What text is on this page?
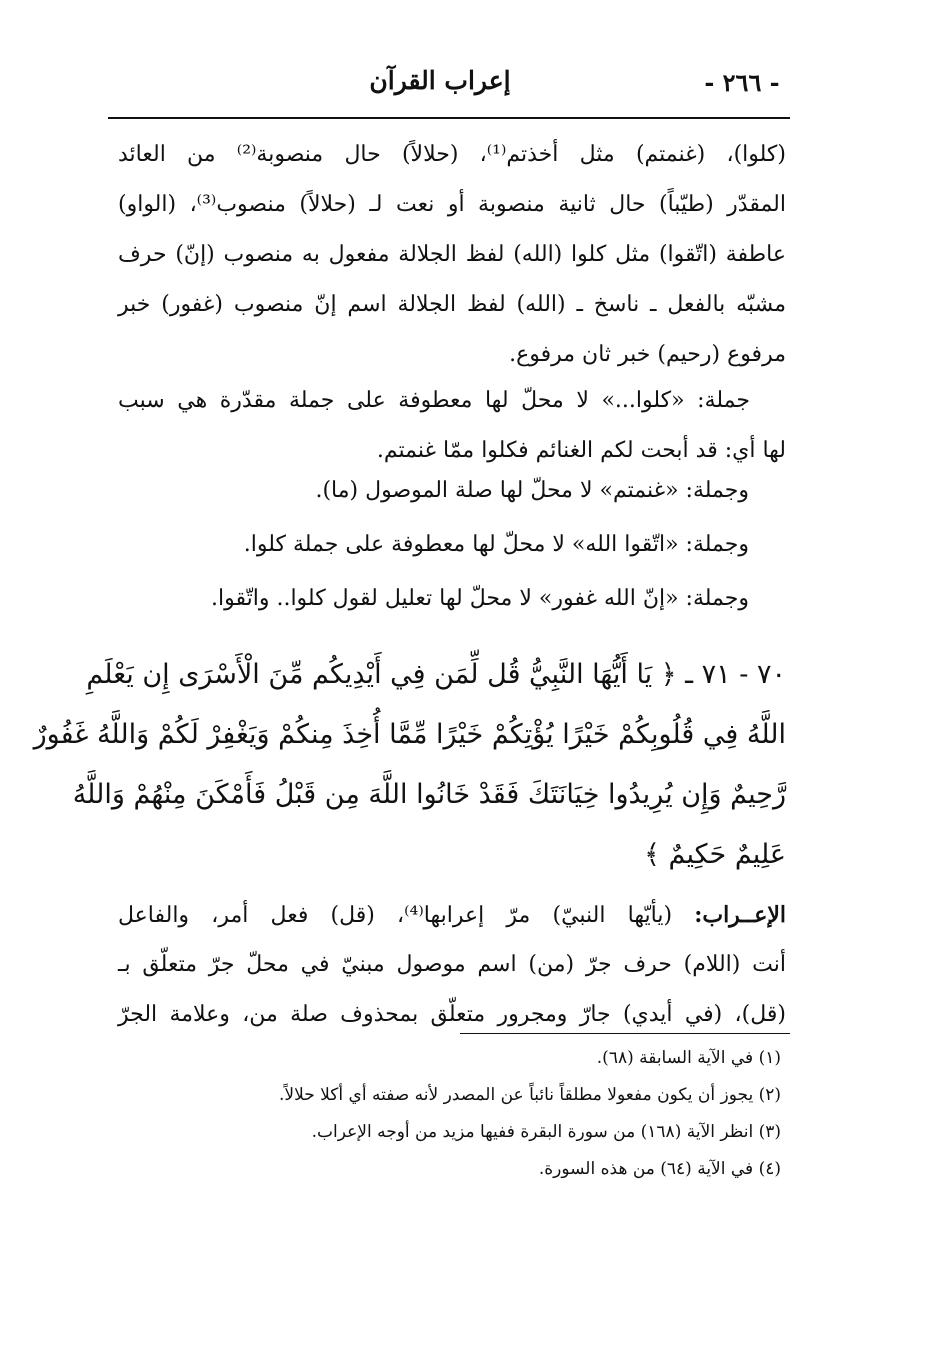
- ٢٦٦ -
إعراب القرآن
(كلوا)، (غنمتم) مثل أخذتم⁽¹⁾، (حلالاً) حال منصوبة⁽²⁾ من العائد
المقدّر (طيّباً) حال ثانية منصوبة أو نعت لـ (حلالاً) منصوب⁽³⁾، (الواو)
عاطفة (اتّقوا) مثل كلوا (الله) لفظ الجلالة مفعول به منصوب (إنّ) حرف
مشبّه بالفعل ـ ناسخ ـ (الله) لفظ الجلالة اسم إنّ منصوب (غفور) خبر
مرفوع (رحيم) خبر ثان مرفوع.
جملة: «كلوا...» لا محلّ لها معطوفة على جملة مقدّرة هي سبب
لها أي: قد أبحت لكم الغنائم فكلوا ممّا غنمتم.
وجملة: «غنمتم» لا محلّ لها صلة الموصول (ما).
وجملة: «اتّقوا الله» لا محلّ لها معطوفة على جملة كلوا.
وجملة: «إنّ الله غفور» لا محلّ لها تعليل لقول كلوا.. واتّقوا.
٧٠ - ٧١ ـ ﴿ يَا أَيُّهَا النَّبِيُّ قُل لِّمَن فِي أَيْدِيكُم مِّنَ الْأَسْرَى إِن يَعْلَمِ
اللَّهُ فِي قُلُوبِكُمْ خَيْرًا يُؤْتِكُمْ خَيْرًا مِّمَّا أُخِذَ مِنكُمْ وَيَغْفِرْ لَكُمْ وَاللَّهُ غَفُورٌ
رَّحِيمٌ وَإِن يُرِيدُوا خِيَانَتَكَ فَقَدْ خَانُوا اللَّهَ مِن قَبْلُ فَأَمْكَنَ مِنْهُمْ وَاللَّهُ
عَلِيمٌ حَكِيمٌ ﴾
الإعــراب: (يأيّها النبيّ) مرّ إعرابها⁽⁴⁾، (قل) فعل أمر، والفاعل
أنت (اللام) حرف جرّ (من) اسم موصول مبنيّ في محلّ جرّ متعلّق بـ
(قل)، (في أيدي) جارّ ومجرور متعلّق بمحذوف صلة من، وعلامة الجرّ
(١) في الآية السابقة (٦٨).
(٢) يجوز أن يكون مفعولا مطلقاً نائباً عن المصدر لأنه صفته أي أكلا حلالاً.
(٣) انظر الآية (١٦٨) من سورة البقرة ففيها مزيد من أوجه الإعراب.
(٤) في الآية (٦٤) من هذه السورة.
